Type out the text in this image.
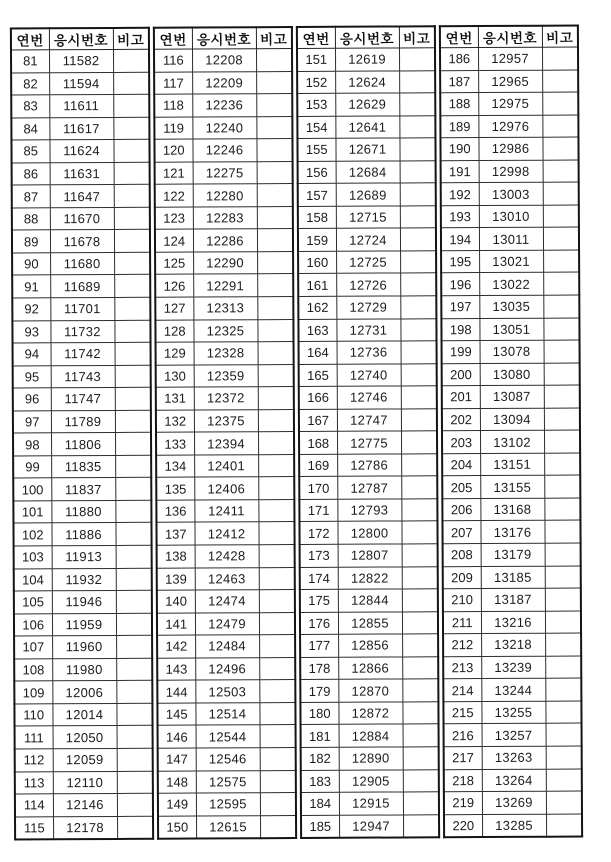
연번	응시번호	비고
81	11582	
82	11594	
83	11611	
84	11617	
85	11624	
86	11631	
87	11647	
88	11670	
89	11678	
90	11680	
91	11689	
92	11701	
93	11732	
94	11742	
95	11743	
96	11747	
97	11789	
98	11806	
99	11835	
100	11837	
101	11880	
102	11886	
103	11913	
104	11932	
105	11946	
106	11959	
107	11960	
108	11980	
109	12006	
110	12014	
111	12050	
112	12059	
113	12110	
114	12146	
115	12178	
연번	응시번호	비고
116	12208	
117	12209	
118	12236	
119	12240	
120	12246	
121	12275	
122	12280	
123	12283	
124	12286	
125	12290	
126	12291	
127	12313	
128	12325	
129	12328	
130	12359	
131	12372	
132	12375	
133	12394	
134	12401	
135	12406	
136	12411	
137	12412	
138	12428	
139	12463	
140	12474	
141	12479	
142	12484	
143	12496	
144	12503	
145	12514	
146	12544	
147	12546	
148	12575	
149	12595	
150	12615	
연번	응시번호	비고
151	12619	
152	12624	
153	12629	
154	12641	
155	12671	
156	12684	
157	12689	
158	12715	
159	12724	
160	12725	
161	12726	
162	12729	
163	12731	
164	12736	
165	12740	
166	12746	
167	12747	
168	12775	
169	12786	
170	12787	
171	12793	
172	12800	
173	12807	
174	12822	
175	12844	
176	12855	
177	12856	
178	12866	
179	12870	
180	12872	
181	12884	
182	12890	
183	12905	
184	12915	
185	12947	
연번	응시번호	비고
186	12957	
187	12965	
188	12975	
189	12976	
190	12986	
191	12998	
192	13003	
193	13010	
194	13011	
195	13021	
196	13022	
197	13035	
198	13051	
199	13078	
200	13080	
201	13087	
202	13094	
203	13102	
204	13151	
205	13155	
206	13168	
207	13176	
208	13179	
209	13185	
210	13187	
211	13216	
212	13218	
213	13239	
214	13244	
215	13255	
216	13257	
217	13263	
218	13264	
219	13269	
220	13285	
